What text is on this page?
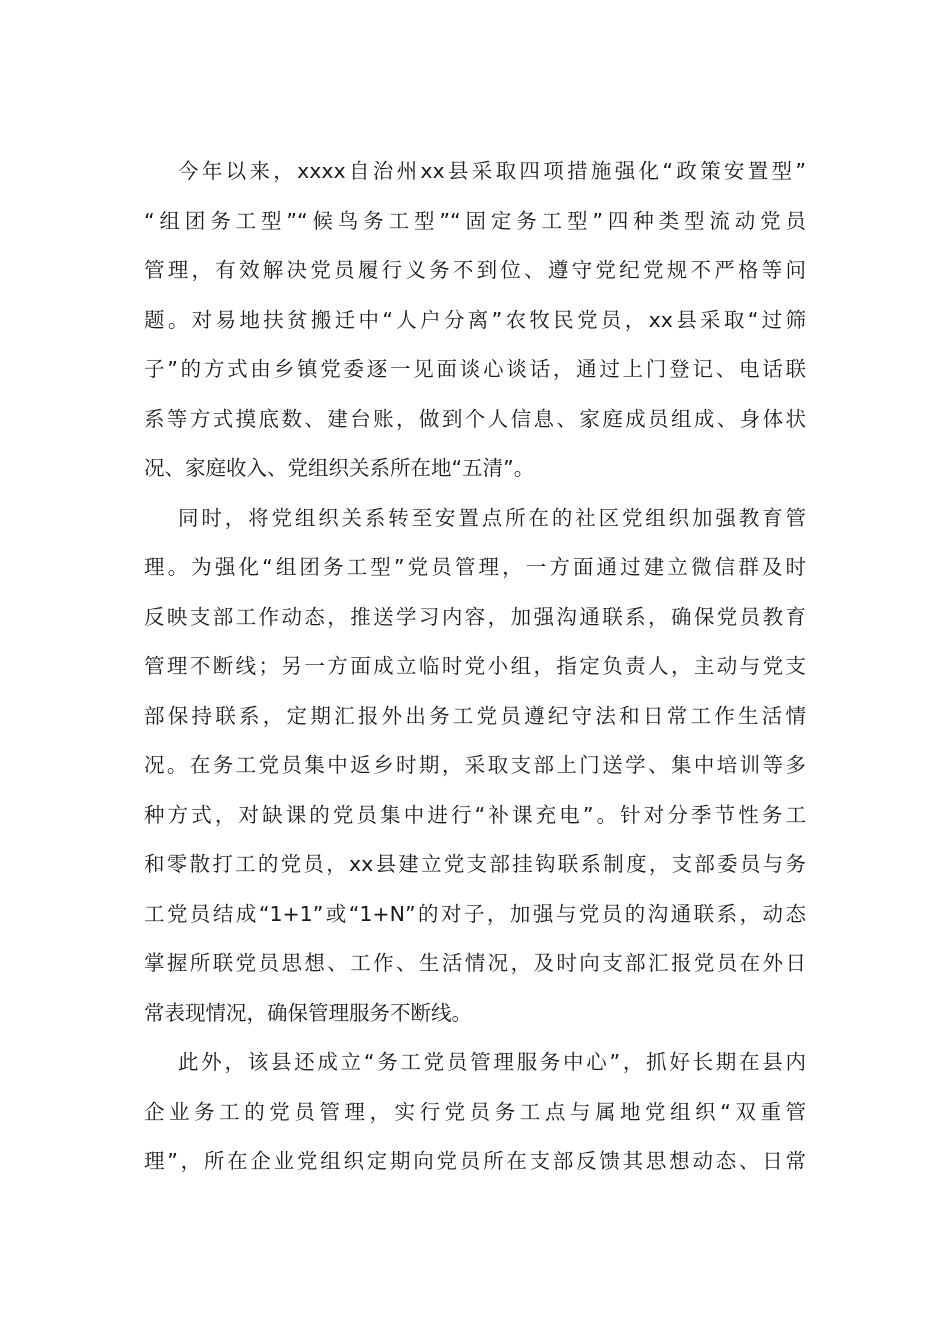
今年以来，xxxx自治州xx县采取四项措施强化“政策安置型”
“组团务工型”“候鸟务工型”“固定务工型”四种类型流动党员
管理，有效解决党员履行义务不到位、遵守党纪党规不严格等问
题。对易地扶贫搬迁中“人户分离”农牧民党员，xx县采取“过筛
子”的方式由乡镇党委逐一见面谈心谈话，通过上门登记、电话联
系等方式摸底数、建台账，做到个人信息、家庭成员组成、身体状
况、家庭收入、党组织关系所在地“五清”。
同时，将党组织关系转至安置点所在的社区党组织加强教育管
理。为强化“组团务工型”党员管理，一方面通过建立微信群及时
反映支部工作动态，推送学习内容，加强沟通联系，确保党员教育
管理不断线；另一方面成立临时党小组，指定负责人，主动与党支
部保持联系，定期汇报外出务工党员遵纪守法和日常工作生活情
况。在务工党员集中返乡时期，采取支部上门送学、集中培训等多
种方式，对缺课的党员集中进行“补课充电”。针对分季节性务工
和零散打工的党员，xx县建立党支部挂钩联系制度，支部委员与务
工党员结成“1+1”或“1+N”的对子，加强与党员的沟通联系，动态
掌握所联党员思想、工作、生活情况，及时向支部汇报党员在外日
常表现情况，确保管理服务不断线。
此外，该县还成立“务工党员管理服务中心”，抓好长期在县内
企业务工的党员管理，实行党员务工点与属地党组织“双重管
理”，所在企业党组织定期向党员所在支部反馈其思想动态、日常
